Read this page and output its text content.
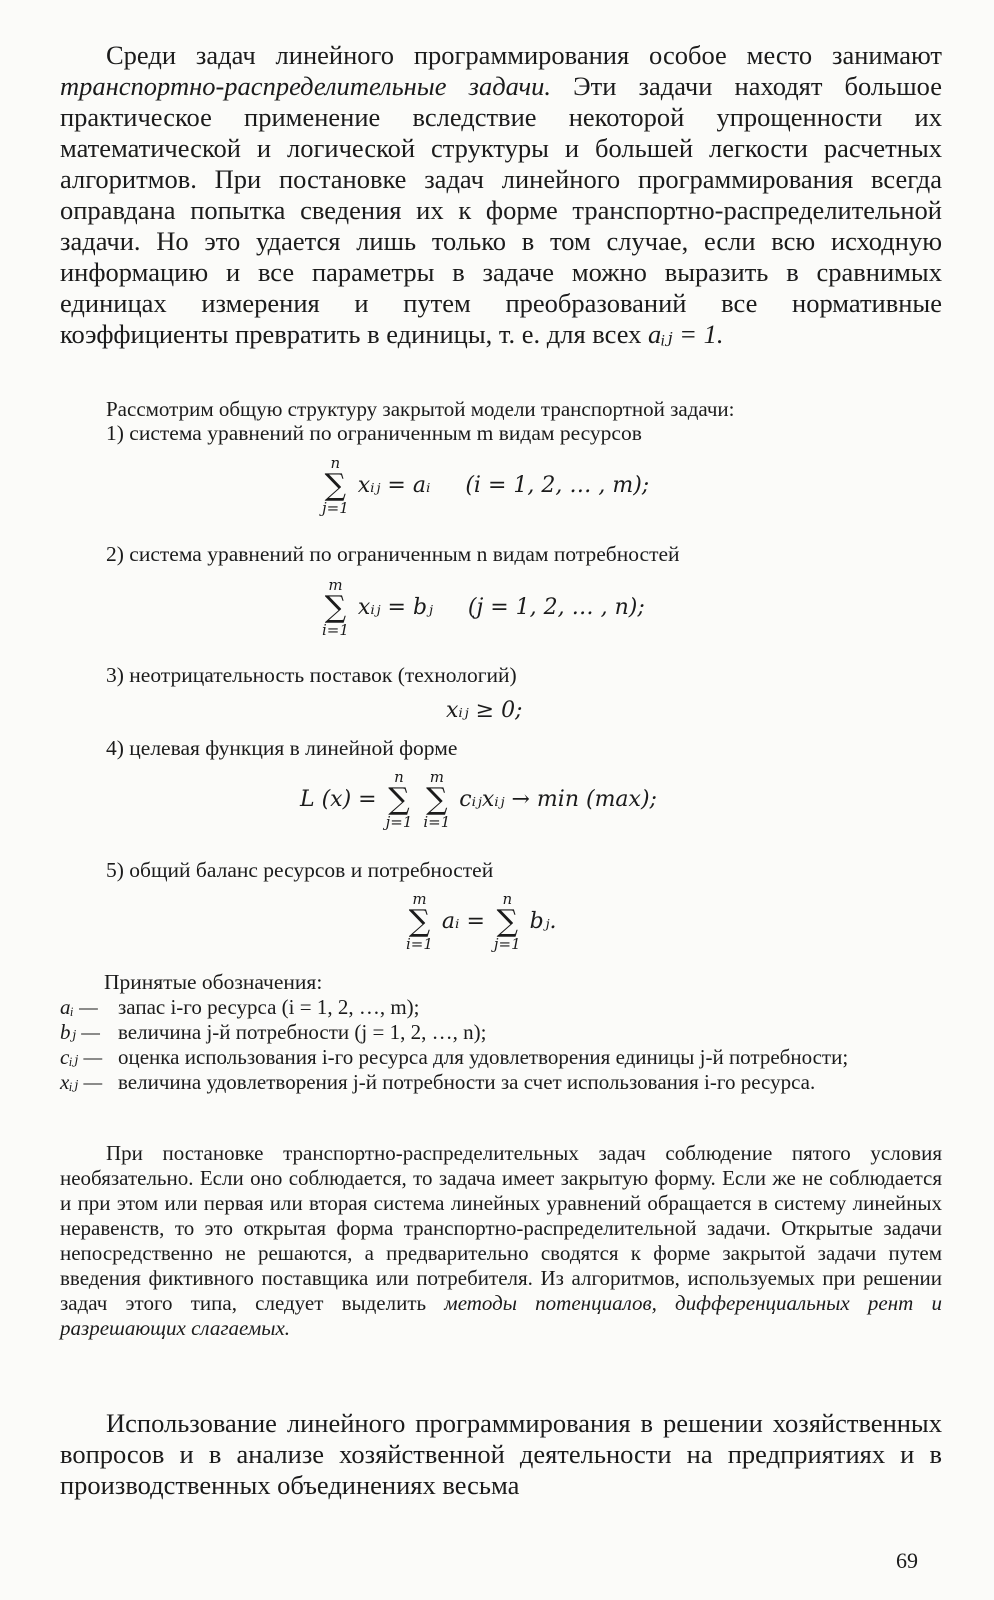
Среди задач линейного программирования особое место занимают транспортно-распределительные задачи. Эти задачи находят большое практическое применение вследствие некоторой упрощенности их математической и логической структуры и большей легкости расчетных алгоритмов. При постановке задач линейного программирования всегда оправдана попытка сведения их к форме транспортно-распределительной задачи. Но это удается лишь только в том случае, если всю исходную информацию и все параметры в задаче можно выразить в сравнимых единицах измерения и путем преобразований все нормативные коэффициенты превратить в единицы, т. е. для всех aᵢⱼ = 1.

Рассмотрим общую структуру закрытой модели транспортной задачи:

1) система уравнений по ограниченным m видам ресурсов

n
∑
j=1
xᵢⱼ = aᵢ (i = 1, 2, … , m);

2) система уравнений по ограниченным n видам потребностей

m
∑
i=1
xᵢⱼ = bⱼ (j = 1, 2, … , n);

3) неотрицательность поставок (технологий)

xᵢⱼ ≥ 0;

4) целевая функция в линейной форме

L (x) =
n
∑
j=1

m
∑
i=1
cᵢⱼxᵢⱼ → min (max);

5) общий баланс ресурсов и потребностей

m
∑
i=1
aᵢ =
n
∑
j=1
bⱼ.

Принятые обозначения:

aᵢ — запас i-го ресурса (i = 1, 2, …, m);
bⱼ — величина j-й потребности (j = 1, 2, …, n);
cᵢⱼ — оценка использования i-го ресурса для удовлетворения единицы j-й потребности;
xᵢⱼ — величина удовлетворения j-й потребности за счет использования i-го ресурса.

При постановке транспортно-распределительных задач соблюдение пятого условия необязательно. Если оно соблюдается, то задача имеет закрытую форму. Если же не соблюдается и при этом или первая или вторая система линейных уравнений обращается в систему линейных неравенств, то это открытая форма транспортно-распределительной задачи. Открытые задачи непосредственно не решаются, а предварительно сводятся к форме закрытой задачи путем введения фиктивного поставщика или потребителя. Из алгоритмов, используемых при решении задач этого типа, следует выделить методы потенциалов, дифференциальных рент и разрешающих слагаемых.

Использование линейного программирования в решении хозяйственных вопросов и в анализе хозяйственной деятельности на предприятиях и в производственных объединениях весьма

69
